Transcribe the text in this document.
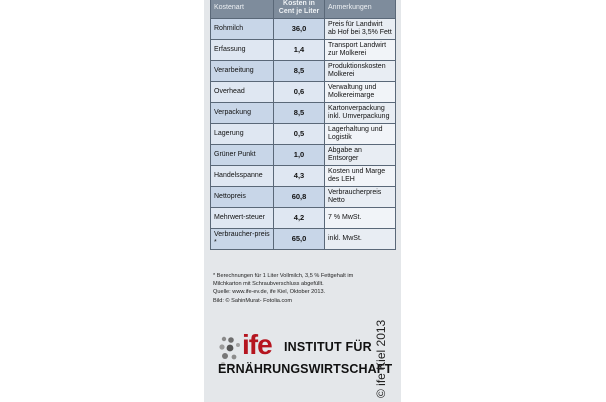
Kostenart	Kosten in Cent je Liter	Anmerkungen
Rohmilch	36,0	Preis für Landwirt ab Hof bei 3,5% Fett
Erfassung	1,4	Transport Landwirt zur Molkerei
Verarbeitung	8,5	Produktionskosten Molkerei
Overhead	0,6	Verwaltung und Molkereimarge
Verpackung	8,5	Kartonverpackung inkl. Umverpackung
Lagerung	0,5	Lagerhaltung und Logistik
Grüner Punkt	1,0	Abgabe an Entsorger
Handelsspanne	4,3	Kosten und Marge des LEH
Nettopreis	60,8	Verbraucherpreis Netto
Mehrwert-steuer	4,2	7 % MwSt.
Verbraucher-preis *	65,0	inkl. MwSt.
* Berechnungen für 1 Liter Vollmilch, 3,5 % Fettgehalt im
Milchkarton mit Schraubverschluss abgefüllt.
Quelle: www.ife-ev.de, ife Kiel, Oktober 2013.
Bild: © SahinMurat- Fotolia.com
ife INSTITUT FÜR
ERNÄHRUNGSWIRTSCHAFT
© ife Kiel 2013
